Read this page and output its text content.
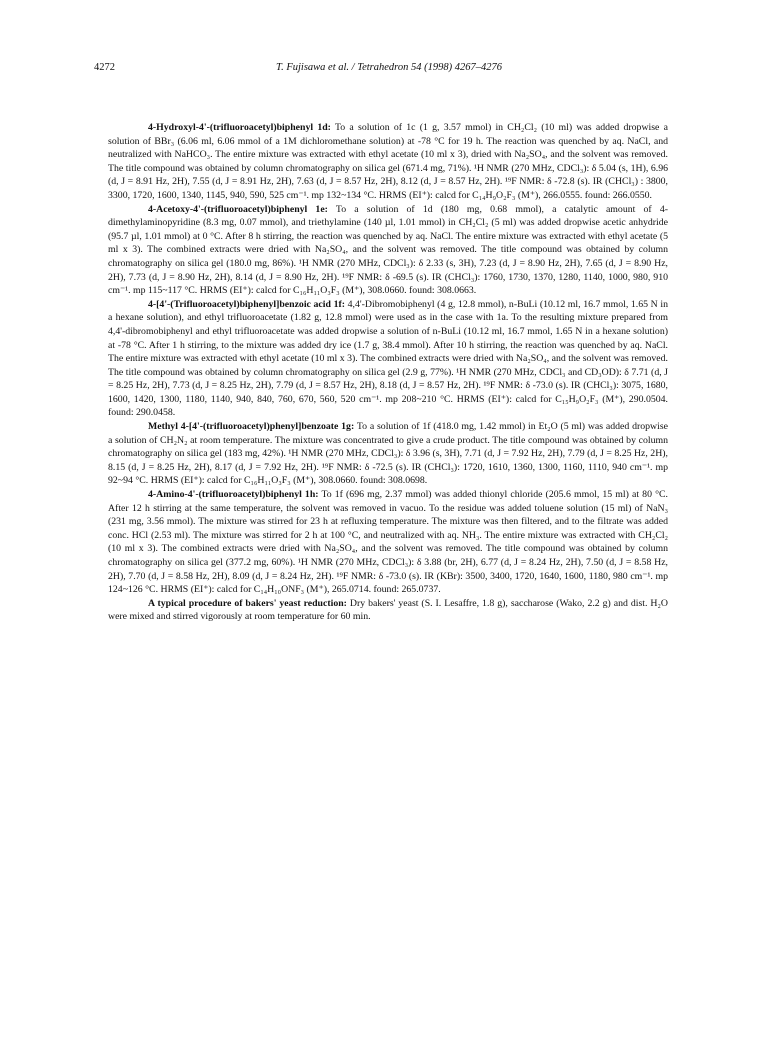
4272	T. Fujisawa et al. / Tetrahedron 54 (1998) 4267–4276

4-Hydroxyl-4'-(trifluoroacetyl)biphenyl 1d: To a solution of 1c (1 g, 3.57 mmol) in CH₂Cl₂ (10 ml) was added dropwise a solution of BBr₃ (6.06 ml, 6.06 mmol of a 1M dichloromethane solution) at -78 °C for 19 h. The reaction was quenched by aq. NaCl, and neutralized with NaHCO₃. The entire mixture was extracted with ethyl acetate (10 ml x 3), dried with Na₂SO₄, and the solvent was removed. The title compound was obtained by column chromatography on silica gel (671.4 mg, 71%). ¹H NMR (270 MHz, CDCl₃): δ 5.04 (s, 1H), 6.96 (d, J = 8.91 Hz, 2H), 7.55 (d, J = 8.91 Hz, 2H), 7.63 (d, J = 8.57 Hz, 2H), 8.12 (d, J = 8.57 Hz, 2H). ¹⁹F NMR: δ -72.8 (s). IR (CHCl₃) : 3800, 3300, 1720, 1600, 1340, 1145, 940, 590, 525 cm⁻¹. mp 132~134 °C. HRMS (EI⁺): calcd for C₁₄H₉O₂F₃ (M⁺), 266.0555. found: 266.0550.

4-Acetoxy-4'-(trifluoroacetyl)biphenyl 1e: To a solution of 1d (180 mg, 0.68 mmol), a catalytic amount of 4-dimethylaminopyridine (8.3 mg, 0.07 mmol), and triethylamine (140 µl, 1.01 mmol) in CH₂Cl₂ (5 ml) was added dropwise acetic anhydride (95.7 µl, 1.01 mmol) at 0 °C. After 8 h stirring, the reaction was quenched by aq. NaCl. The entire mixture was extracted with ethyl acetate (5 ml x 3). The combined extracts were dried with Na₂SO₄, and the solvent was removed. The title compound was obtained by column chromatography on silica gel (180.0 mg, 86%). ¹H NMR (270 MHz, CDCl₃): δ 2.33 (s, 3H), 7.23 (d, J = 8.90 Hz, 2H), 7.65 (d, J = 8.90 Hz, 2H), 7.73 (d, J = 8.90 Hz, 2H), 8.14 (d, J = 8.90 Hz, 2H). ¹⁹F NMR: δ -69.5 (s). IR (CHCl₃): 1760, 1730, 1370, 1280, 1140, 1000, 980, 910 cm⁻¹. mp 115~117 °C. HRMS (EI⁺): calcd for C₁₆H₁₁O₃F₃ (M⁺), 308.0660. found: 308.0663.

4-[4'-(Trifluoroacetyl)biphenyl]benzoic acid 1f: 4,4'-Dibromobiphenyl (4 g, 12.8 mmol), n-BuLi (10.12 ml, 16.7 mmol, 1.65 N in a hexane solution), and ethyl trifluoroacetate (1.82 g, 12.8 mmol) were used as in the case with 1a. To the resulting mixture prepared from 4,4'-dibromobiphenyl and ethyl trifluoroacetate was added dropwise a solution of n-BuLi (10.12 ml, 16.7 mmol, 1.65 N in a hexane solution) at -78 °C. After 1 h stirring, to the mixture was added dry ice (1.7 g, 38.4 mmol). After 10 h stirring, the reaction was quenched by aq. NaCl. The entire mixture was extracted with ethyl acetate (10 ml x 3). The combined extracts were dried with Na₂SO₄, and the solvent was removed. The title compound was obtained by column chromatography on silica gel (2.9 g, 77%). ¹H NMR (270 MHz, CDCl₃ and CD₃OD): δ 7.71 (d, J = 8.25 Hz, 2H), 7.73 (d, J = 8.25 Hz, 2H), 7.79 (d, J = 8.57 Hz, 2H), 8.18 (d, J = 8.57 Hz, 2H). ¹⁹F NMR: δ -73.0 (s). IR (CHCl₃): 3075, 1680, 1600, 1420, 1300, 1180, 1140, 940, 840, 760, 670, 560, 520 cm⁻¹. mp 208~210 °C. HRMS (EI⁺): calcd for C₁₅H₉O₂F₃ (M⁺), 290.0504. found: 290.0458.

Methyl 4-[4'-(trifluoroacetyl)phenyl]benzoate 1g: To a solution of 1f (418.0 mg, 1.42 mmol) in Et₂O (5 ml) was added dropwise a solution of CH₂N₂ at room temperature. The mixture was concentrated to give a crude product. The title compound was obtained by column chromatography on silica gel (183 mg, 42%). ¹H NMR (270 MHz, CDCl₃): δ 3.96 (s, 3H), 7.71 (d, J = 7.92 Hz, 2H), 7.79 (d, J = 8.25 Hz, 2H), 8.15 (d, J = 8.25 Hz, 2H), 8.17 (d, J = 7.92 Hz, 2H). ¹⁹F NMR: δ -72.5 (s). IR (CHCl₃): 1720, 1610, 1360, 1300, 1160, 1110, 940 cm⁻¹. mp 92~94 °C. HRMS (EI⁺): calcd for C₁₆H₁₁O₃F₃ (M⁺), 308.0660. found: 308.0698.

4-Amino-4'-(trifluoroacetyl)biphenyl 1h: To 1f (696 mg, 2.37 mmol) was added thionyl chloride (205.6 mmol, 15 ml) at 80 °C. After 12 h stirring at the same temperature, the solvent was removed in vacuo. To the residue was added toluene solution (15 ml) of NaN₃ (231 mg, 3.56 mmol). The mixture was stirred for 23 h at refluxing temperature. The mixture was then filtered, and to the filtrate was added conc. HCl (2.53 ml). The mixture was stirred for 2 h at 100 °C, and neutralized with aq. NH₃. The entire mixture was extracted with CH₂Cl₂ (10 ml x 3). The combined extracts were dried with Na₂SO₄, and the solvent was removed. The title compound was obtained by column chromatography on silica gel (377.2 mg, 60%). ¹H NMR (270 MHz, CDCl₃): δ 3.88 (br, 2H), 6.77 (d, J = 8.24 Hz, 2H), 7.50 (d, J = 8.58 Hz, 2H), 7.70 (d, J = 8.58 Hz, 2H), 8.09 (d, J = 8.24 Hz, 2H). ¹⁹F NMR: δ -73.0 (s). IR (KBr): 3500, 3400, 1720, 1640, 1600, 1180, 980 cm⁻¹. mp 124~126 °C. HRMS (EI⁺): calcd for C₁₄H₁₀ONF₃ (M⁺), 265.0714. found: 265.0737.

A typical procedure of bakers' yeast reduction: Dry bakers' yeast (S. I. Lesaffre, 1.8 g), saccharose (Wako, 2.2 g) and dist. H₂O were mixed and stirred vigorously at room temperature for 60 min.
